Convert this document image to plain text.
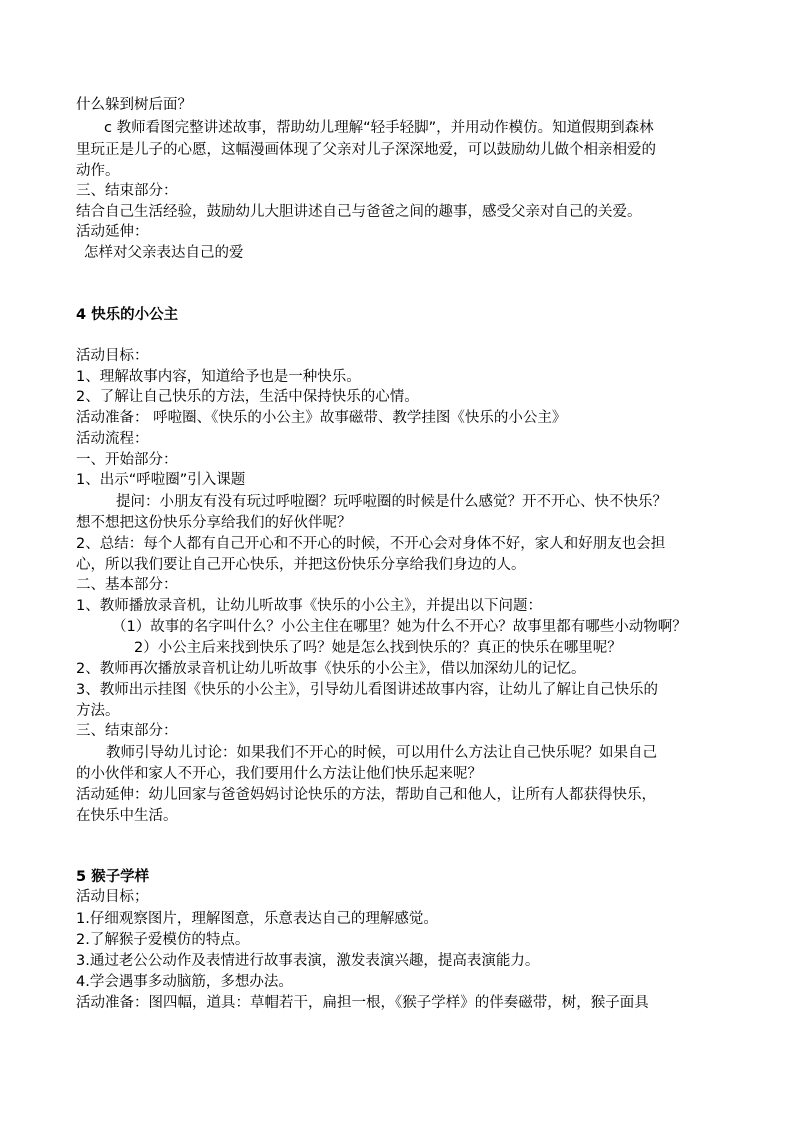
什么躲到树后面？
c 教师看图完整讲述故事，帮助幼儿理解“轻手轻脚”，并用动作模仿。知道假期到森林
里玩正是儿子的心愿，这幅漫画体现了父亲对儿子深深地爱，可以鼓励幼儿做个相亲相爱的
动作。
三、结束部分：
结合自己生活经验，鼓励幼儿大胆讲述自己与爸爸之间的趣事，感受父亲对自己的关爱。
活动延伸：
怎样对父亲表达自己的爱
4 快乐的小公主
活动目标：
1、理解故事内容，知道给予也是一种快乐。
2、了解让自己快乐的方法，生活中保持快乐的心情。
活动准备： 呼啦圈、《快乐的小公主》故事磁带、教学挂图《快乐的小公主》
活动流程：
一、开始部分：
1、出示“呼啦圈”引入课题
提问：小朋友有没有玩过呼啦圈？玩呼啦圈的时候是什么感觉？开不开心、快不快乐？
想不想把这份快乐分享给我们的好伙伴呢？
2、总结：每个人都有自己开心和不开心的时候，不开心会对身体不好，家人和好朋友也会担
心，所以我们要让自己开心快乐，并把这份快乐分享给我们身边的人。
二、基本部分：
1、教师播放录音机，让幼儿听故事《快乐的小公主》，并提出以下问题：
（1）故事的名字叫什么？小公主住在哪里？她为什么不开心？故事里都有哪些小动物啊？
2）小公主后来找到快乐了吗？她是怎么找到快乐的？真正的快乐在哪里呢？
2、教师再次播放录音机让幼儿听故事《快乐的小公主》，借以加深幼儿的记忆。
3、教师出示挂图《快乐的小公主》，引导幼儿看图讲述故事内容，让幼儿了解让自己快乐的
方法。
三、结束部分：
教师引导幼儿讨论：如果我们不开心的时候，可以用什么方法让自己快乐呢？如果自己
的小伙伴和家人不开心，我们要用什么方法让他们快乐起来呢？
活动延伸：幼儿回家与爸爸妈妈讨论快乐的方法，帮助自己和他人，让所有人都获得快乐，
在快乐中生活。
5 猴子学样
活动目标；
1.仔细观察图片，理解图意，乐意表达自己的理解感觉。
2.了解猴子爱模仿的特点。
3.通过老公公动作及表情进行故事表演，激发表演兴趣，提高表演能力。
4.学会遇事多动脑筋，多想办法。
活动准备：图四幅，道具：草帽若干，扁担一根，《猴子学样》的伴奏磁带，树，猴子面具
